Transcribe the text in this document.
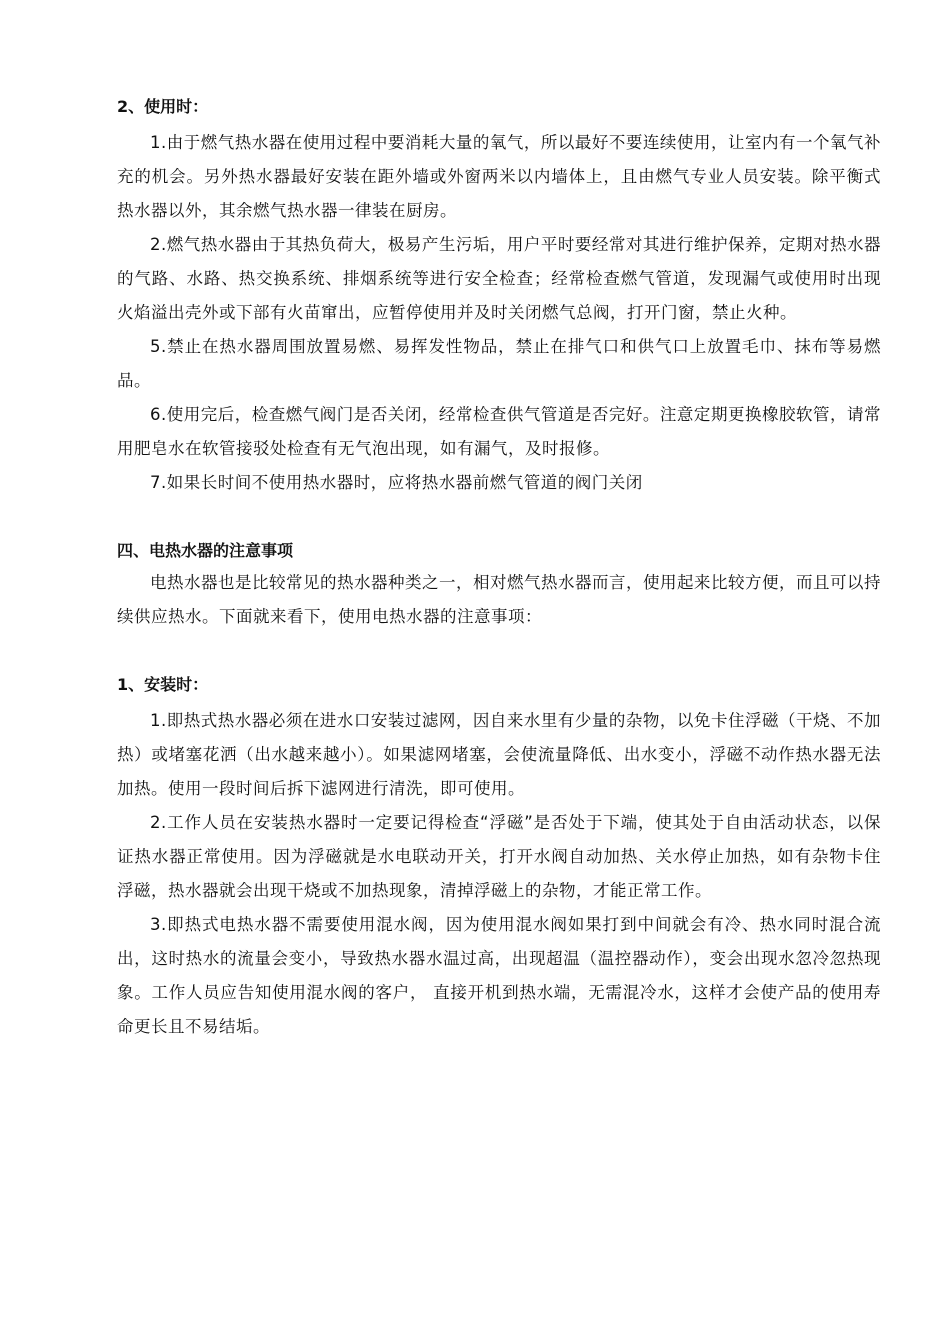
2、使用时：

1.由于燃气热水器在使用过程中要消耗大量的氧气，所以最好不要连续使用，让室内有一个氧气补充的机会。另外热水器最好安装在距外墙或外窗两米以内墙体上，且由燃气专业人员安装。除平衡式热水器以外，其余燃气热水器一律装在厨房。

2.燃气热水器由于其热负荷大，极易产生污垢，用户平时要经常对其进行维护保养，定期对热水器的气路、水路、热交换系统、排烟系统等进行安全检查；经常检查燃气管道，发现漏气或使用时出现火焰溢出壳外或下部有火苗窜出，应暂停使用并及时关闭燃气总阀，打开门窗，禁止火种。

5.禁止在热水器周围放置易燃、易挥发性物品，禁止在排气口和供气口上放置毛巾、抹布等易燃品。

6.使用完后，检查燃气阀门是否关闭，经常检查供气管道是否完好。注意定期更换橡胶软管，请常用肥皂水在软管接驳处检查有无气泡出现，如有漏气，及时报修。

7.如果长时间不使用热水器时，应将热水器前燃气管道的阀门关闭

四、电热水器的注意事项

电热水器也是比较常见的热水器种类之一，相对燃气热水器而言，使用起来比较方便，而且可以持续供应热水。下面就来看下，使用电热水器的注意事项：

1、安装时：

1.即热式热水器必须在进水口安装过滤网，因自来水里有少量的杂物，以免卡住浮磁（干烧、不加热）或堵塞花洒（出水越来越小）。如果滤网堵塞，会使流量降低、出水变小，浮磁不动作热水器无法加热。使用一段时间后拆下滤网进行清洗，即可使用。

2.工作人员在安装热水器时一定要记得检查“浮磁”是否处于下端，使其处于自由活动状态，以保证热水器正常使用。因为浮磁就是水电联动开关，打开水阀自动加热、关水停止加热，如有杂物卡住浮磁，热水器就会出现干烧或不加热现象，清掉浮磁上的杂物，才能正常工作。

3.即热式电热水器不需要使用混水阀，因为使用混水阀如果打到中间就会有冷、热水同时混合流出，这时热水的流量会变小，导致热水器水温过高，出现超温（温控器动作），变会出现水忽冷忽热现象。工作人员应告知使用混水阀的客户， 直接开机到热水端，无需混冷水，这样才会使产品的使用寿命更长且不易结垢。
